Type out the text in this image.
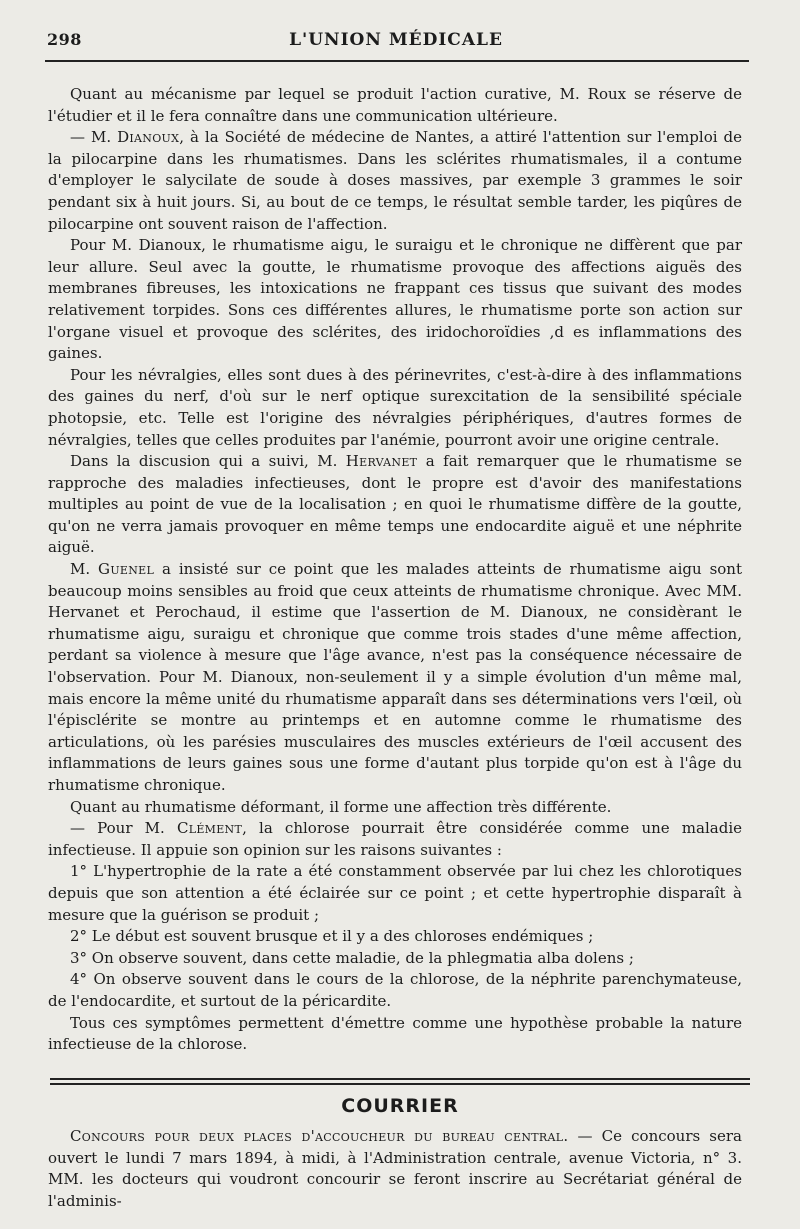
298	L'UNION MÉDICALE

Quant au mécanisme par lequel se produit l'action curative, M. Roux se réserve de l'étudier et il le fera connaître dans une communication ultérieure.

— M. Dianoux, à la Société de médecine de Nantes, a attiré l'attention sur l'emploi de la pilocarpine dans les rhumatismes. Dans les sclérites rhumatismales, il a contume d'employer le salycilate de soude à doses massives, par exemple 3 grammes le soir pendant six à huit jours. Si, au bout de ce temps, le résultat semble tarder, les piqûres de pilocarpine ont souvent raison de l'affection.

Pour M. Dianoux, le rhumatisme aigu, le suraigu et le chronique ne diffèrent que par leur allure. Seul avec la goutte, le rhumatisme provoque des affections aiguës des membranes fibreuses, les intoxications ne frappant ces tissus que suivant des modes relativement torpides. Sons ces différentes allures, le rhumatisme porte son action sur l'organe visuel et provoque des sclérites, des iridochoroïdies ,d es inflammations des gaines.

Pour les névralgies, elles sont dues à des périnevrites, c'est-à-dire à des inflammations des gaines du nerf, d'où sur le nerf optique surexcitation de la sensibilité spéciale photopsie, etc. Telle est l'origine des névralgies périphériques, d'autres formes de névralgies, telles que celles produites par l'anémie, pourront avoir une origine centrale.

Dans la discusion qui a suivi, M. Hervanet a fait remarquer que le rhumatisme se rapproche des maladies infectieuses, dont le propre est d'avoir des manifestations multiples au point de vue de la localisation ; en quoi le rhumatisme diffère de la goutte, qu'on ne verra jamais provoquer en même temps une endocardite aiguë et une néphrite aiguë.

M. Guenel a insisté sur ce point que les malades atteints de rhumatisme aigu sont beaucoup moins sensibles au froid que ceux atteints de rhumatisme chronique. Avec MM. Hervanet et Perochaud, il estime que l'assertion de M. Dianoux, ne considèrant le rhumatisme aigu, suraigu et chronique que comme trois stades d'une même affection, perdant sa violence à mesure que l'âge avance, n'est pas la conséquence nécessaire de l'observation. Pour M. Dianoux, non-seulement il y a simple évolution d'un même mal, mais encore la même unité du rhumatisme apparaît dans ses déterminations vers l'œil, où l'épisclérite se montre au printemps et en automne comme le rhumatisme des articulations, où les parésies musculaires des muscles extérieurs de l'œil accusent des inflammations de leurs gaines sous une forme d'autant plus torpide qu'on est à l'âge du rhumatisme chronique.

Quant au rhumatisme déformant, il forme une affection très différente.

— Pour M. Clément, la chlorose pourrait être considérée comme une maladie infectieuse. Il appuie son opinion sur les raisons suivantes :

1° L'hypertrophie de la rate a été constamment observée par lui chez les chlorotiques depuis que son attention a été éclairée sur ce point ; et cette hypertrophie disparaît à mesure que la guérison se produit ;

2° Le début est souvent brusque et il y a des chloroses endémiques ;

3° On observe souvent, dans cette maladie, de la phlegmatia alba dolens ;

4° On observe souvent dans le cours de la chlorose, de la néphrite parenchymateuse, de l'endocardite, et surtout de la péricardite.

Tous ces symptômes permettent d'émettre comme une hypothèse probable la nature infectieuse de la chlorose.

COURRIER

Concours pour deux places d'accoucheur du bureau central. — Ce concours sera ouvert le lundi 7 mars 1894, à midi, à l'Administration centrale, avenue Victoria, n° 3. MM. les docteurs qui voudront concourir se feront inscrire au Secrétariat général de l'adminis-
